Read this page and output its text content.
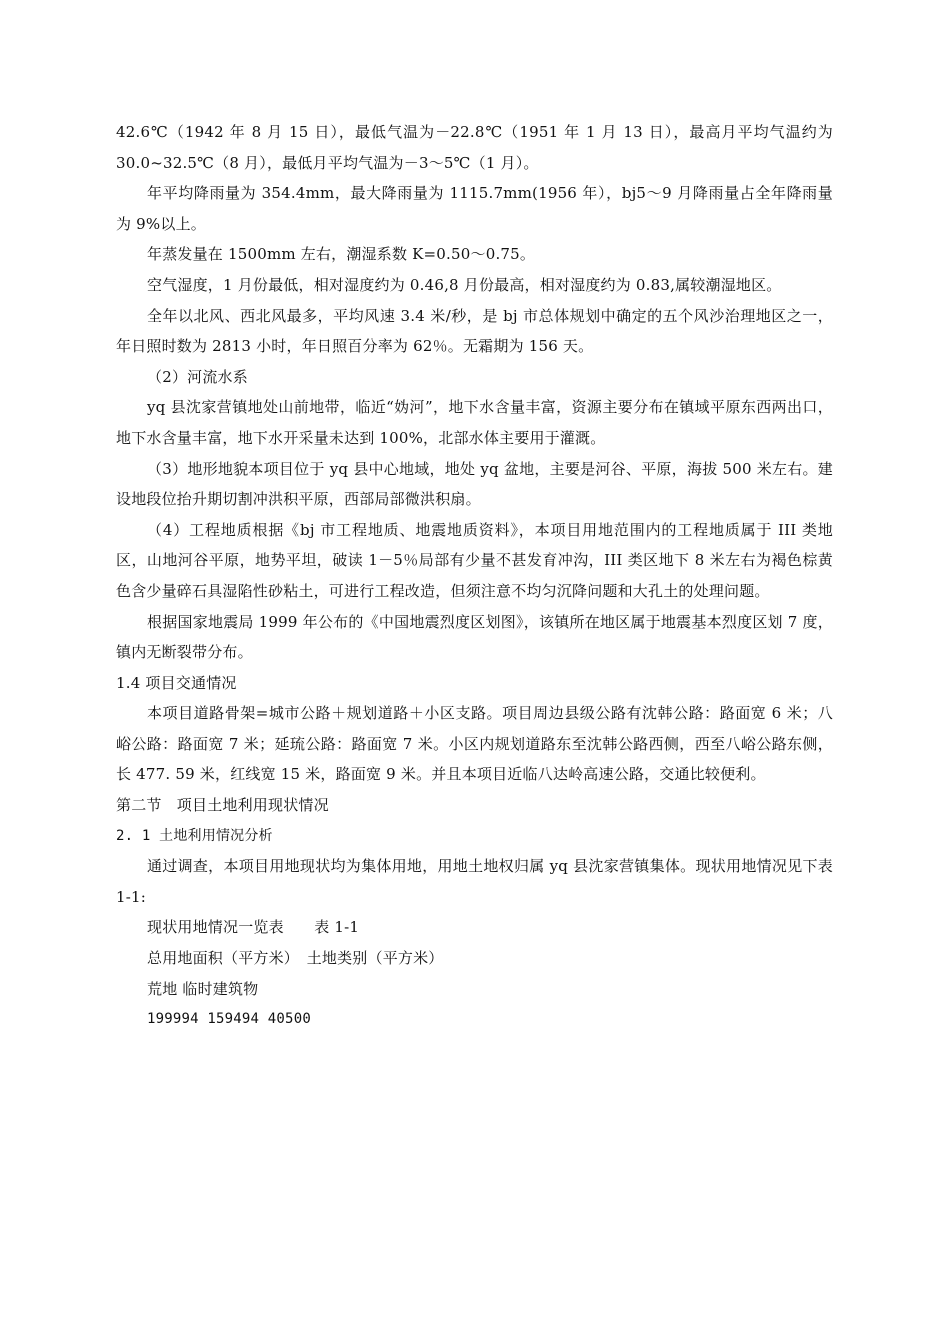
42.6℃（1942 年 8 月 15 日），最低气温为－22.8℃（1951 年 1 月 13 日），最高月平均气温约为 30.0~32.5℃（8 月），最低月平均气温为－3～5℃（1 月）。

年平均降雨量为 354.4mm，最大降雨量为 1115.7mm(1956 年），bj5～9 月降雨量占全年降雨量为 9%以上。

年蒸发量在 1500mm 左右，潮湿系数 K=0.50～0.75。

空气湿度，1 月份最低，相对湿度约为 0.46,8 月份最高，相对湿度约为 0.83,属较潮湿地区。

全年以北风、西北风最多，平均风速 3.4 米/秒，是 bj 市总体规划中确定的五个风沙治理地区之一，年日照时数为 2813 小时，年日照百分率为 62％。无霜期为 156 天。

（2）河流水系

yq 县沈家营镇地处山前地带，临近“妫河”，地下水含量丰富，资源主要分布在镇域平原东西两出口，地下水含量丰富，地下水开采量未达到 100%，北部水体主要用于灌溉。

（3）地形地貌本项目位于 yq 县中心地域，地处 yq 盆地，主要是河谷、平原，海拔 500 米左右。建设地段位抬升期切割冲洪积平原，西部局部微洪积扇。

（4）工程地质根据《bj 市工程地质、地震地质资料》，本项目用地范围内的工程地质属于 III 类地区，山地河谷平原，地势平坦，破读 1－5％局部有少量不甚发育冲沟，III 类区地下 8 米左右为褐色棕黄色含少量碎石具湿陷性砂粘土，可进行工程改造，但须注意不均匀沉降问题和大孔土的处理问题。

根据国家地震局 1999 年公布的《中国地震烈度区划图》，该镇所在地区属于地震基本烈度区划 7 度，镇内无断裂带分布。

1.4 项目交通情况

本项目道路骨架=城市公路＋规划道路＋小区支路。项目周边县级公路有沈韩公路：路面宽 6 米；八峪公路：路面宽 7 米；延琉公路：路面宽 7 米。小区内规划道路东至沈韩公路西侧，西至八峪公路东侧，长 477. 59 米，红线宽 15 米，路面宽 9 米。并且本项目近临八达岭高速公路，交通比较便利。

第二节　项目土地利用现状情况

2. 1 土地利用情况分析

通过调查，本项目用地现状均为集体用地，用地土地权归属 yq 县沈家营镇集体。现状用地情况见下表 1-1:

现状用地情况一览表　　表 1-1

总用地面积（平方米）　土地类别（平方米）

荒地 临时建筑物

199994 159494 40500
